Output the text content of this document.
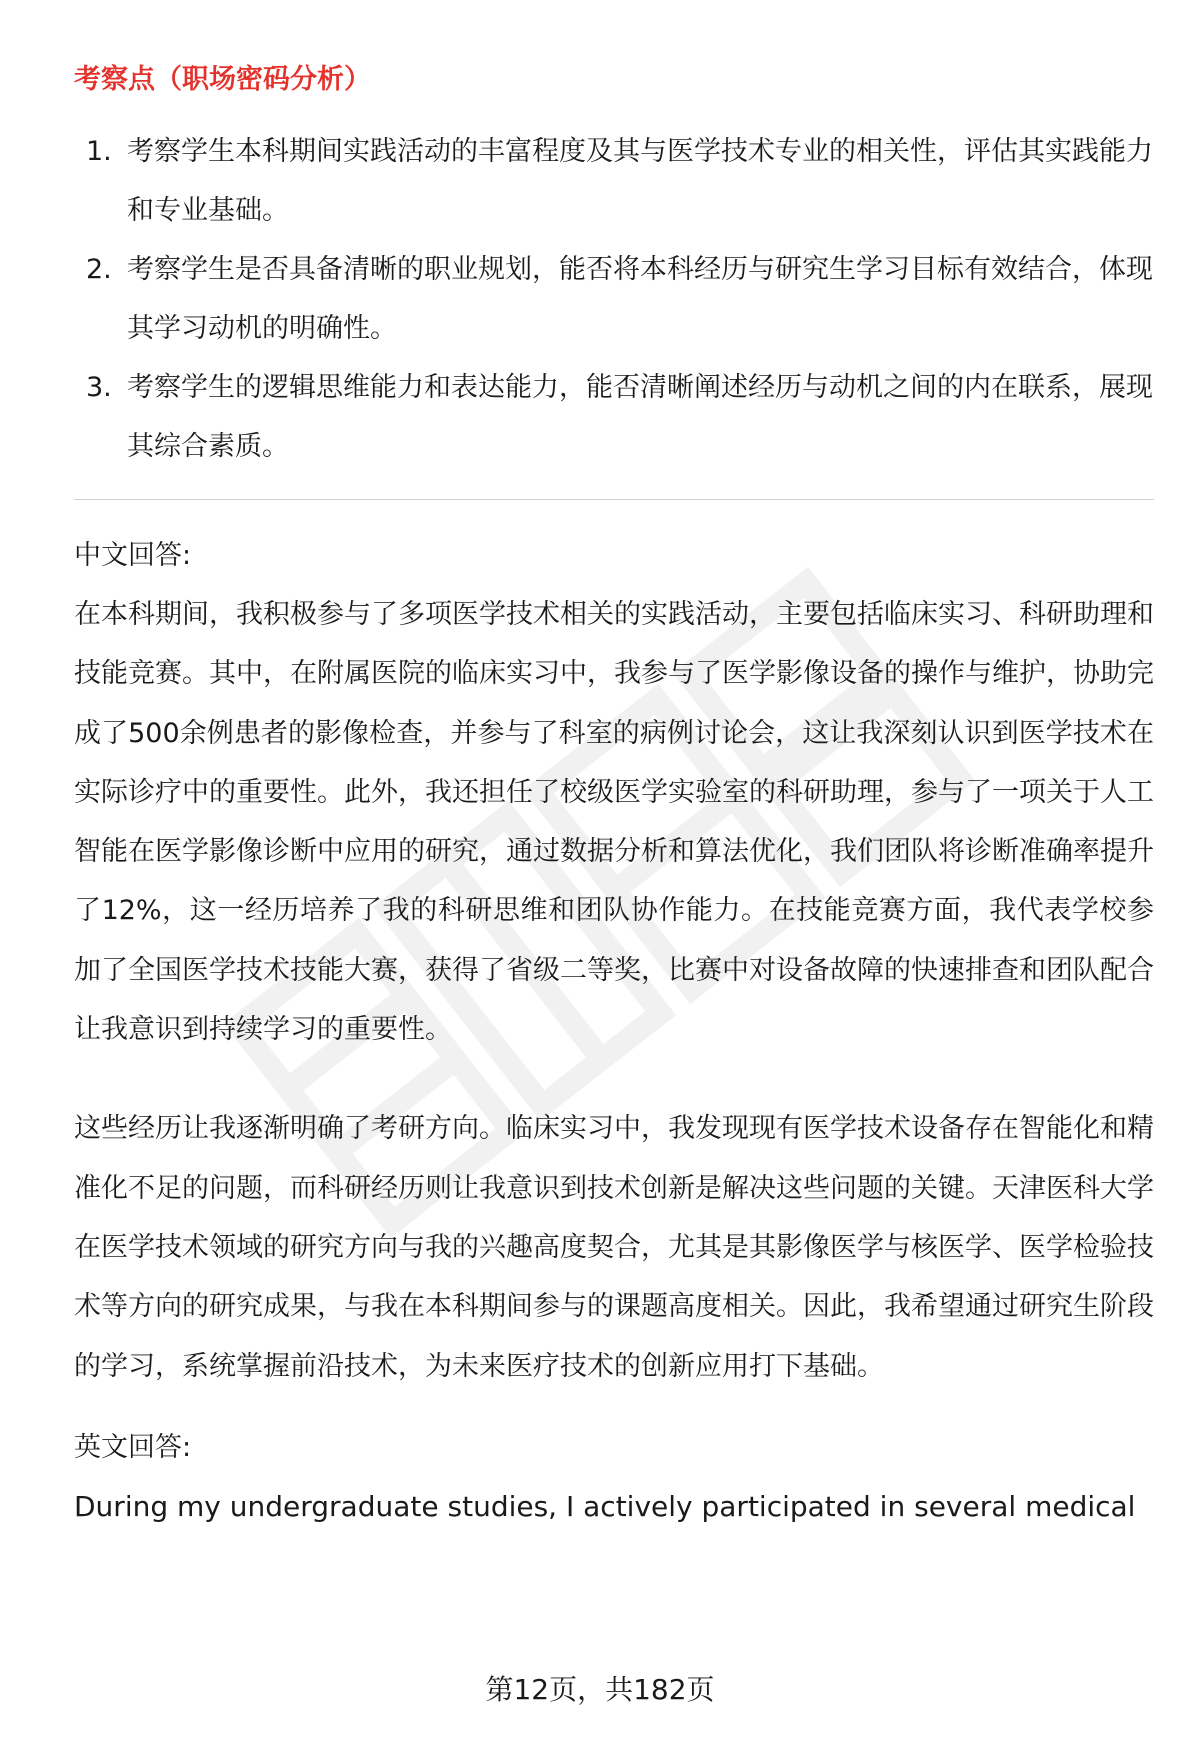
考察点（职场密码分析）
1. 考察学生本科期间实践活动的丰富程度及其与医学技术专业的相关性，评估其实践能力和专业基础。
2. 考察学生是否具备清晰的职业规划，能否将本科经历与研究生学习目标有效结合，体现其学习动机的明确性。
3. 考察学生的逻辑思维能力和表达能力，能否清晰阐述经历与动机之间的内在联系，展现其综合素质。

中文回答:

在本科期间，我积极参与了多项医学技术相关的实践活动，主要包括临床实习、科研助理和技能竞赛。其中，在附属医院的临床实习中，我参与了医学影像设备的操作与维护，协助完成了500余例患者的影像检查，并参与了科室的病例讨论会，这让我深刻认识到医学技术在实际诊疗中的重要性。此外，我还担任了校级医学实验室的科研助理，参与了一项关于人工智能在医学影像诊断中应用的研究，通过数据分析和算法优化，我们团队将诊断准确率提升了12%，这一经历培养了我的科研思维和团队协作能力。在技能竞赛方面，我代表学校参加了全国医学技术技能大赛，获得了省级二等奖，比赛中对设备故障的快速排查和团队配合让我意识到持续学习的重要性。

这些经历让我逐渐明确了考研方向。临床实习中，我发现现有医学技术设备存在智能化和精准化不足的问题，而科研经历则让我意识到技术创新是解决这些问题的关键。天津医科大学在医学技术领域的研究方向与我的兴趣高度契合，尤其是其影像医学与核医学、医学检验技术等方向的研究成果，与我在本科期间参与的课题高度相关。因此，我希望通过研究生阶段的学习，系统掌握前沿技术，为未来医疗技术的创新应用打下基础。

英文回答:

During my undergraduate studies, I actively participated in several medical

第12页，共182页
